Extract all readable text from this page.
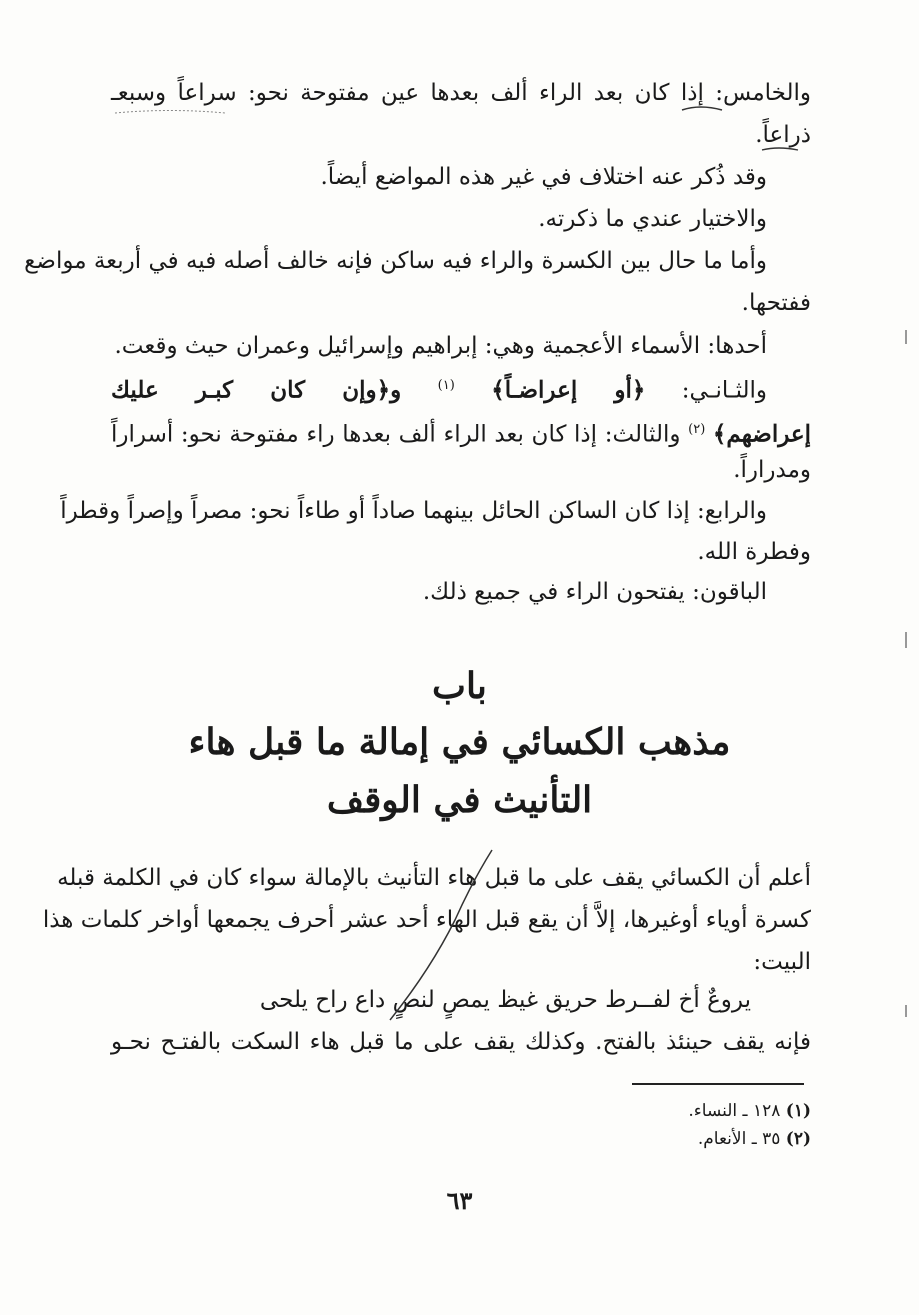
والخامس: إذا كان بعد الراء ألف بعدها عين مفتوحة نحو: سراعاً وسبعـ
ذراعاً.
وقد ذُكر عنه اختلاف في غير هذه المواضع أيضاً.
والاختيار عندي ما ذكرته.
وأما ما حال بين الكسرة والراء فيه ساكن فإنه خالف أصله فيه في أربعة مواضع
ففتحها.
أحدها: الأسماء الأعجمية وهي: إبراهيم وإسرائيل وعمران حيث وقعت.
والثـانـي: ﴿أو إعراضـاً﴾ $^{(١)}$ و﴿وإن كان كبـر عليك
إعراضهم﴾ $^{(٢)}$ والثالث: إذا كان بعد الراء ألف بعدها راء مفتوحة نحو: أسراراً
ومدراراً.
والرابع: إذا كان الساكن الحائل بينهما صاداً أو طاءاً نحو: مصراً وإصراً وقطراً
وفطرة الله.
الباقون: يفتحون الراء في جميع ذلك.
باب
مذهب الكسائي في إمالة ما قبل هاء
التأنيث في الوقف
أعلم أن الكسائي يقف على ما قبل هاء التأنيث بالإمالة سواء كان في الكلمة قبله
كسرة أوياء أوغيرها، إلاَّ أن يقع قبل الهاء أحد عشر أحرف يجمعها أواخر كلمات هذا
البيت:
يروعٌ أخ لفــرط حريق غيظ يمصٍ لنصٍ داع راح يلحى
فإنه يقف حينئذ بالفتح. وكذلك يقف على ما قبل هاء السكت بالفتـح نحـو
(١) ١٢٨ ـ النساء.
(٢) ٣٥ ـ الأنعام.
٦٣
